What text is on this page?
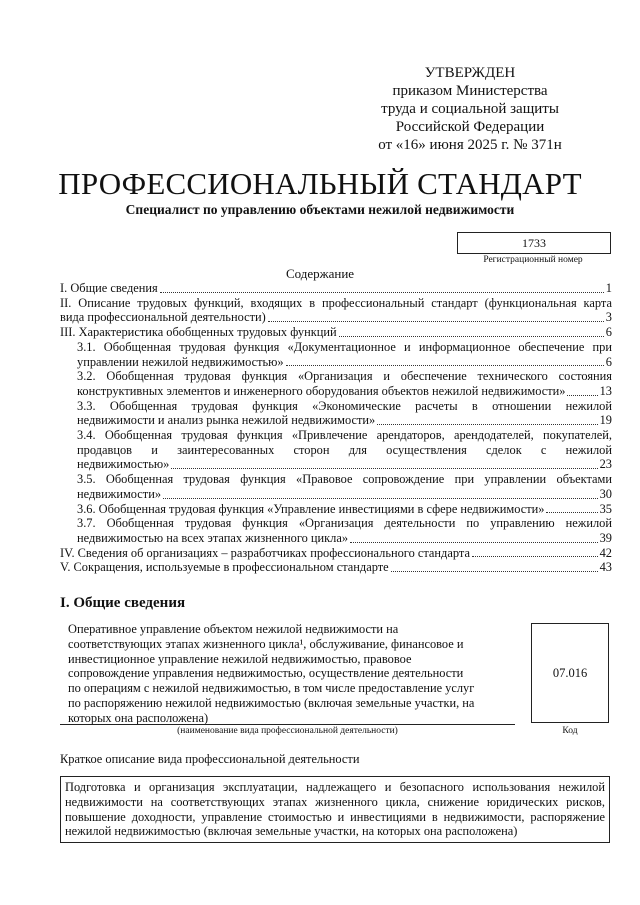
УТВЕРЖДЕН
приказом Министерства
труда и социальной защиты
Российской Федерации
от «16» июня 2025 г. № 371н
ПРОФЕССИОНАЛЬНЫЙ СТАНДАРТ
Специалист по управлению объектами нежилой недвижимости
1733
Регистрационный номер
Содержание
I. Общие сведения	1
II. Описание трудовых функций, входящих в профессиональный стандарт (функциональная карта
вида профессиональной деятельности)	3
III. Характеристика обобщенных трудовых функций	6
3.1. Обобщенная трудовая функция «Документационное и информационное обеспечение при
управлении нежилой недвижимостью»	6
3.2. Обобщенная трудовая функция «Организация и обеспечение технического состояния
конструктивных элементов и инженерного оборудования объектов нежилой недвижимости»	13
3.3. Обобщенная трудовая функция «Экономические расчеты в отношении нежилой
недвижимости и анализ рынка нежилой недвижимости»	19
3.4. Обобщенная трудовая функция «Привлечение арендаторов, арендодателей, покупателей,
продавцов и заинтересованных сторон для осуществления сделок с нежилой
недвижимостью»	23
3.5. Обобщенная трудовая функция «Правовое сопровождение при управлении объектами
недвижимости»	30
3.6. Обобщенная трудовая функция «Управление инвестициями в сфере недвижимости»	35
3.7. Обобщенная трудовая функция «Организация деятельности по управлению нежилой
недвижимостью на всех этапах жизненного цикла»	39
IV. Сведения об организациях – разработчиках профессионального стандарта	42
V. Сокращения, используемые в профессиональном стандарте	43
I. Общие сведения
Оперативное управление объектом нежилой недвижимости на
соответствующих этапах жизненного цикла¹, обслуживание, финансовое и
инвестиционное управление нежилой недвижимостью, правовое
сопровождение управления недвижимостью, осуществление деятельности
по операциям с нежилой недвижимостью, в том числе предоставление услуг
по распоряжению нежилой недвижимостью (включая земельные участки, на
которых она расположена)
(наименование вида профессиональной деятельности)
07.016
Код
Краткое описание вида профессиональной деятельности
Подготовка и организация эксплуатации, надлежащего и безопасного использования нежилой недвижимости на соответствующих этапах жизненного цикла, снижение юридических рисков, повышение доходности, управление стоимостью и инвестициями в недвижимости, распоряжение нежилой недвижимостью (включая земельные участки, на которых она расположена)
